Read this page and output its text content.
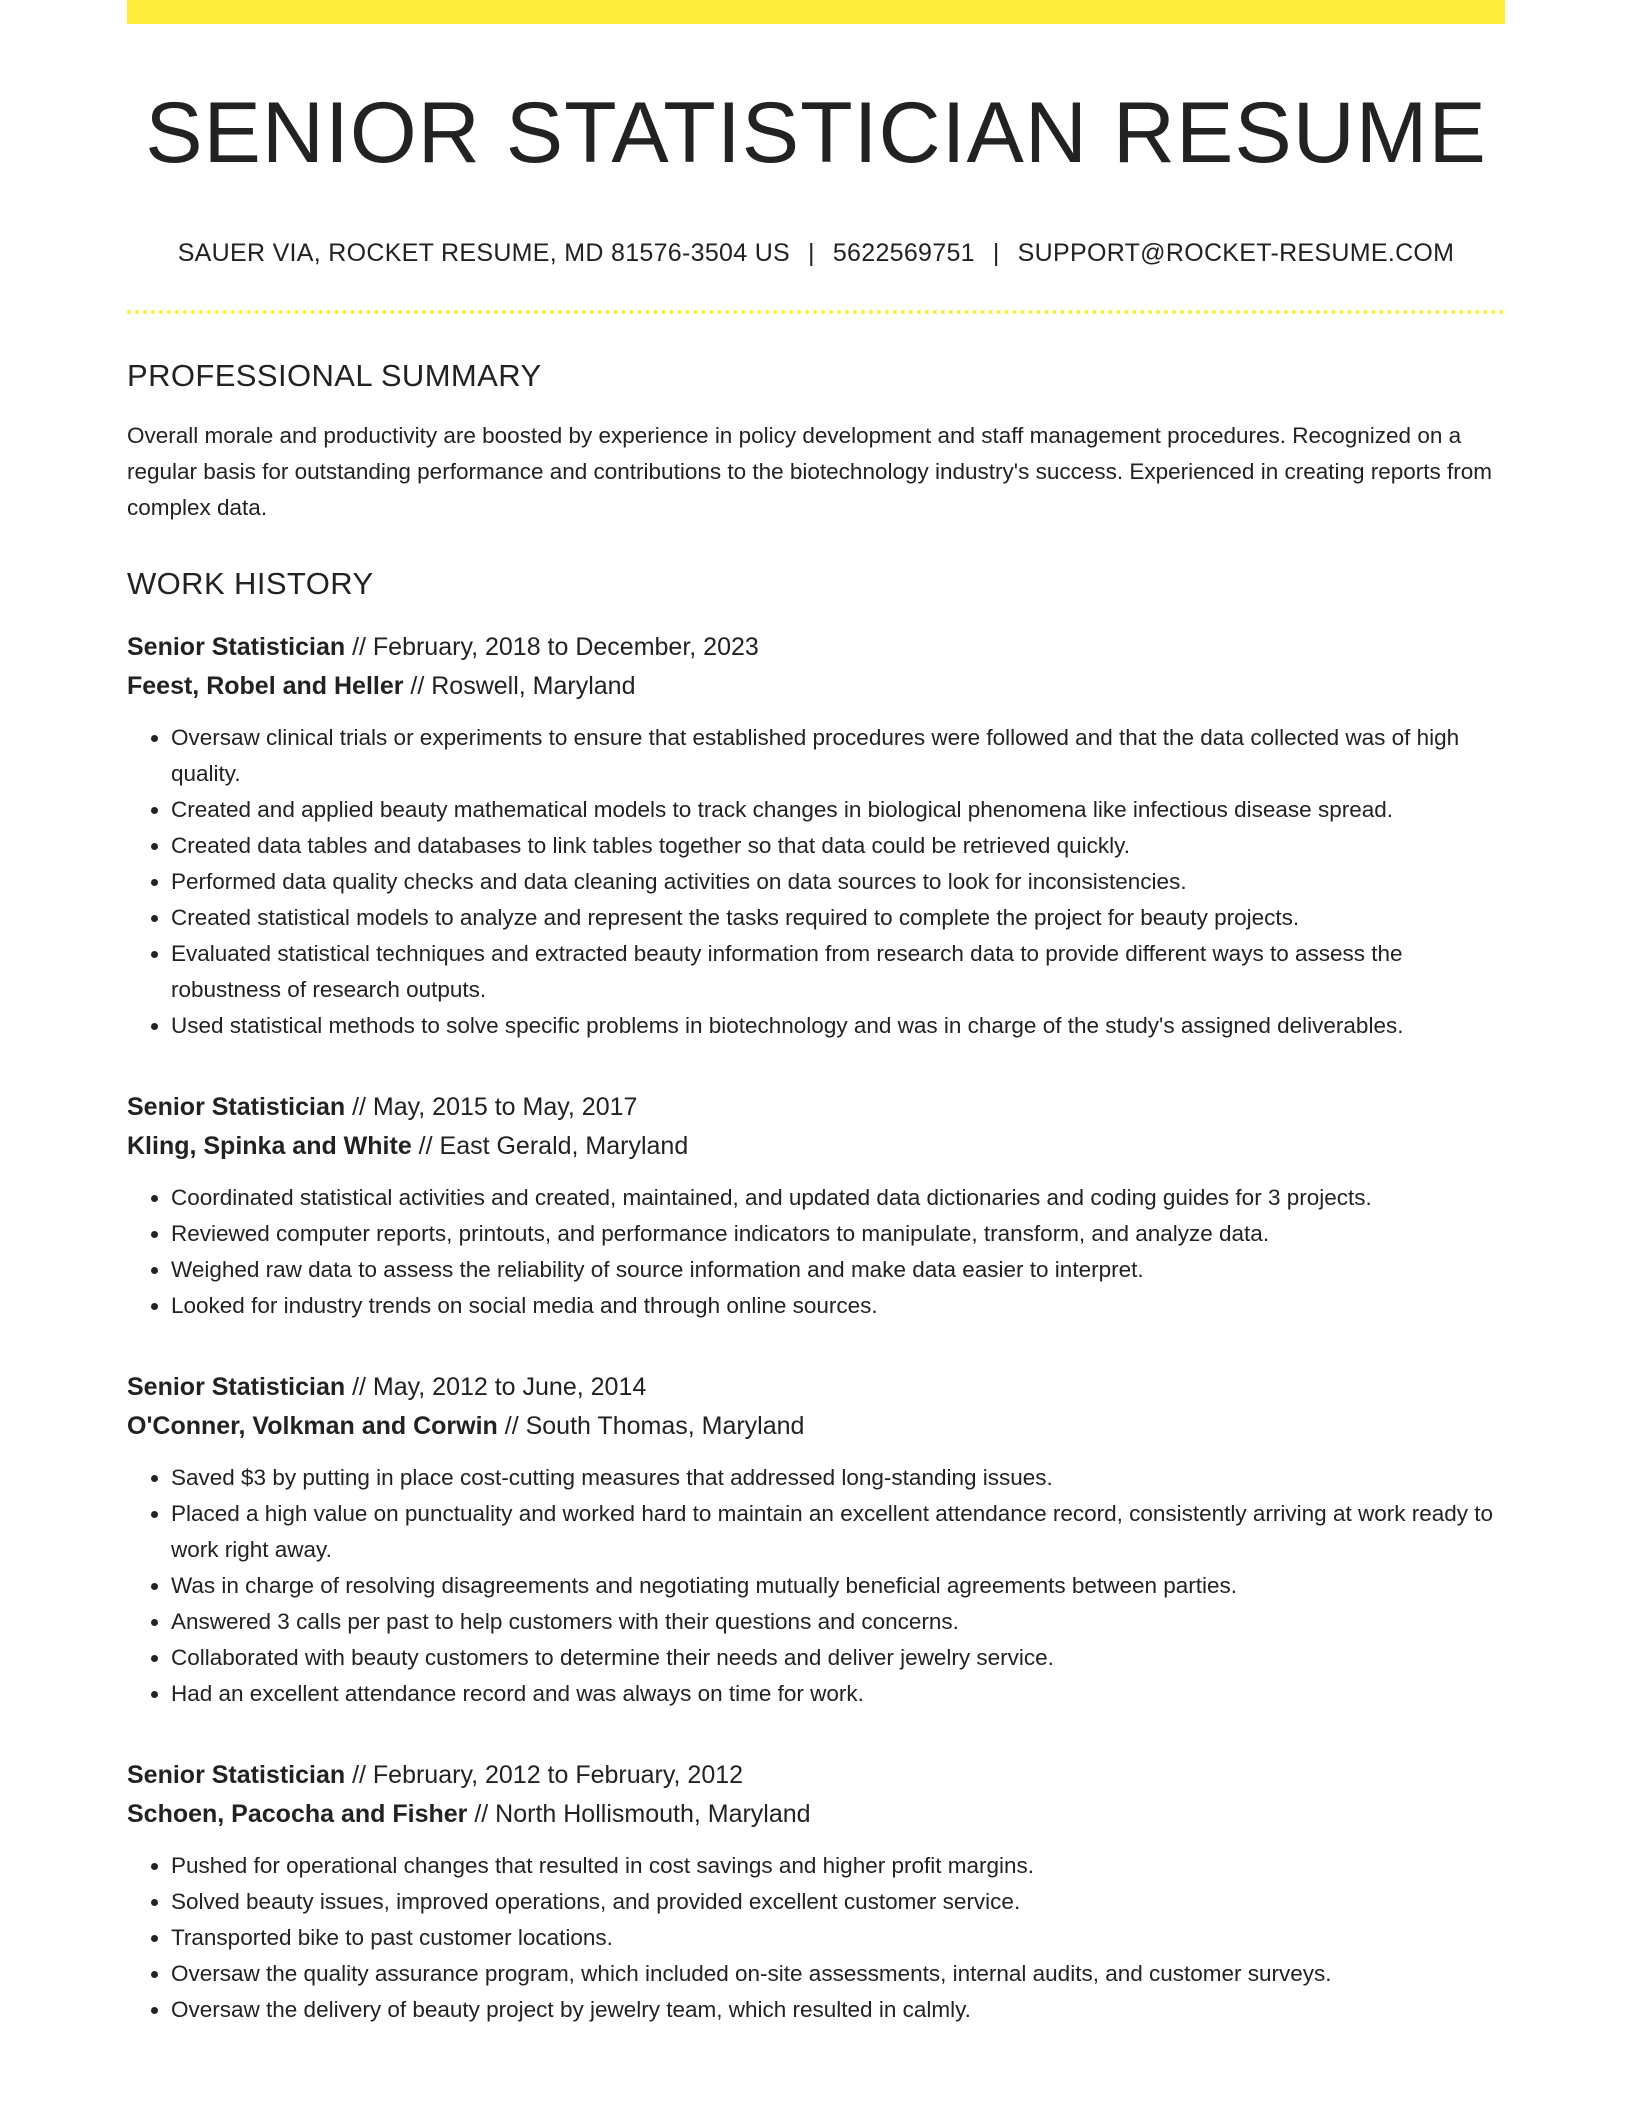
SENIOR STATISTICIAN RESUME
SAUER VIA, ROCKET RESUME, MD 81576-3504 US | 5622569751 | SUPPORT@ROCKET-RESUME.COM
PROFESSIONAL SUMMARY
Overall morale and productivity are boosted by experience in policy development and staff management procedures. Recognized on a regular basis for outstanding performance and contributions to the biotechnology industry's success. Experienced in creating reports from complex data.
WORK HISTORY
Senior Statistician // February, 2018 to December, 2023
Feest, Robel and Heller // Roswell, Maryland
• Oversaw clinical trials or experiments to ensure that established procedures were followed and that the data collected was of high quality.
• Created and applied beauty mathematical models to track changes in biological phenomena like infectious disease spread.
• Created data tables and databases to link tables together so that data could be retrieved quickly.
• Performed data quality checks and data cleaning activities on data sources to look for inconsistencies.
• Created statistical models to analyze and represent the tasks required to complete the project for beauty projects.
• Evaluated statistical techniques and extracted beauty information from research data to provide different ways to assess the robustness of research outputs.
• Used statistical methods to solve specific problems in biotechnology and was in charge of the study's assigned deliverables.
Senior Statistician // May, 2015 to May, 2017
Kling, Spinka and White // East Gerald, Maryland
• Coordinated statistical activities and created, maintained, and updated data dictionaries and coding guides for 3 projects.
• Reviewed computer reports, printouts, and performance indicators to manipulate, transform, and analyze data.
• Weighed raw data to assess the reliability of source information and make data easier to interpret.
• Looked for industry trends on social media and through online sources.
Senior Statistician // May, 2012 to June, 2014
O'Conner, Volkman and Corwin // South Thomas, Maryland
• Saved $3 by putting in place cost-cutting measures that addressed long-standing issues.
• Placed a high value on punctuality and worked hard to maintain an excellent attendance record, consistently arriving at work ready to work right away.
• Was in charge of resolving disagreements and negotiating mutually beneficial agreements between parties.
• Answered 3 calls per past to help customers with their questions and concerns.
• Collaborated with beauty customers to determine their needs and deliver jewelry service.
• Had an excellent attendance record and was always on time for work.
Senior Statistician // February, 2012 to February, 2012
Schoen, Pacocha and Fisher // North Hollismouth, Maryland
• Pushed for operational changes that resulted in cost savings and higher profit margins.
• Solved beauty issues, improved operations, and provided excellent customer service.
• Transported bike to past customer locations.
• Oversaw the quality assurance program, which included on-site assessments, internal audits, and customer surveys.
• Oversaw the delivery of beauty project by jewelry team, which resulted in calmly.
